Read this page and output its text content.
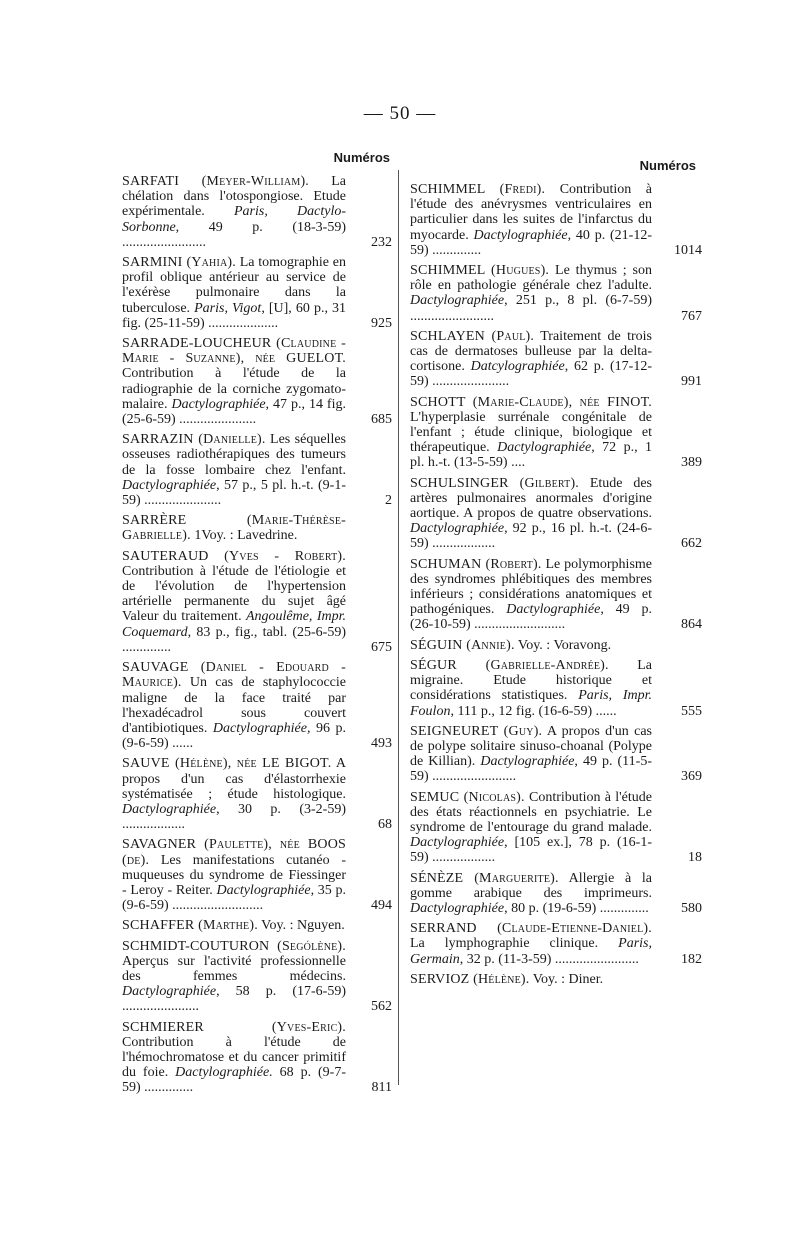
— 50 —
Numéros
SARFATI (Meyer-William). La chélation dans l'otospongiose. Etude expérimentale. Paris, Dactylo-Sorbonne, 49 p. (18-3-59) ........................	232
SARMINI (Yahia). La tomographie en profil oblique antérieur au service de l'exérèse pulmonaire dans la tuberculose. Paris, Vigot, [U], 60 p., 31 fig. (25-11-59) ....................	925
SARRADE-LOUCHEUR (Claudine - Marie - Suzanne), née GUELOT. Contribution à l'étude de la radiographie de la corniche zygomato-malaire. Dactylographiée, 47 p., 14 fig. (25-6-59) ......................	685
SARRAZIN (Danielle). Les séquelles osseuses radiothérapiques des tumeurs de la fosse lombaire chez l'enfant. Dactylographiée, 57 p., 5 pl. h.-t. (9-1-59) ......................	2
SARRÈRE (Marie-Thérèse-Gabrielle). 1Voy. : Lavedrine.
SAUTERAUD (Yves - Robert). Contribution à l'étude de l'étiologie et de l'évolution de l'hypertension artérielle permanente du sujet âgé Valeur du traitement. Angoulême, Impr. Coquemard, 83 p., fig., tabl. (25-6-59) ..............	675
SAUVAGE (Daniel - Edouard - Maurice). Un cas de staphylococcie maligne de la face traité par l'hexadécadrol sous couvert d'antibiotiques. Dactylographiée, 96 p. (9-6-59) ......	493
SAUVE (Hélène), née LE BIGOT. A propos d'un cas d'élastorrhexie systématisée ; étude histologique. Dactylographiée, 30 p. (3-2-59) ..................	68
SAVAGNER (Paulette), née BOOS (de). Les manifestations cutanéo - muqueuses du syndrome de Fiessinger - Leroy - Reiter. Dactylographiée, 35 p. (9-6-59) ..........................	494
SCHAFFER (Marthe). Voy. : Nguyen.
SCHMIDT-COUTURON (Sególène). Aperçus sur l'activité professionnelle des femmes médecins. Dactylographiée, 58 p. (17-6-59) ......................	562
SCHMIERER (Yves-Eric). Contribution à l'étude de l'hémochromatose et du cancer primitif du foie. Dactylographiée. 68 p. (9-7-59) ..............	811
Numéros
SCHIMMEL (Fredi). Contribution à l'étude des anévrysmes ventriculaires en particulier dans les suites de l'infarctus du myocarde. Dactylographiée, 40 p. (21-12-59) ..............	1014
SCHIMMEL (Hugues). Le thymus ; son rôle en pathologie générale chez l'adulte. Dactylographiée, 251 p., 8 pl. (6-7-59) ........................	767
SCHLAYEN (Paul). Traitement de trois cas de dermatoses bulleuse par la delta-cortisone. Datcylographiée, 62 p. (17-12-59) ......................	991
SCHOTT (Marie-Claude), née FINOT. L'hyperplasie surrénale congénitale de l'enfant ; étude clinique, biologique et thérapeutique. Dactylographiée, 72 p., 1 pl. h.-t. (13-5-59) ....	389
SCHULSINGER (Gilbert). Etude des artères pulmonaires anormales d'origine aortique. A propos de quatre observations. Dactylographiée, 92 p., 16 pl. h.-t. (24-6-59) ..................	662
SCHUMAN (Robert). Le polymorphisme des syndromes phlébitiques des membres inférieurs ; considérations anatomiques et pathogéniques. Dactylographiée, 49 p. (26-10-59) ..........................	864
SÉGUIN (Annie). Voy. : Voravong.
SÉGUR (Gabrielle-Andrée). La migraine. Etude historique et considérations statistiques. Paris, Impr. Foulon, 111 p., 12 fig. (16-6-59) ......	555
SEIGNEURET (Guy). A propos d'un cas de polype solitaire sinuso-choanal (Polype de Killian). Dactylographiée, 49 p. (11-5-59) ........................	369
SEMUC (Nicolas). Contribution à l'étude des états réactionnels en psychiatrie. Le syndrome de l'entourage du grand malade. Dactylographiée, [105 ex.], 78 p. (16-1-59) ..................	18
SÉNÈZE (Marguerite). Allergie à la gomme arabique des imprimeurs. Dactylographiée, 80 p. (19-6-59) .............. 580
SERRAND (Claude-Etienne-Daniel). La lymphographie clinique. Paris, Germain, 32 p. (11-3-59) ........................	182
SERVIOZ (Hélène). Voy. : Diner.
